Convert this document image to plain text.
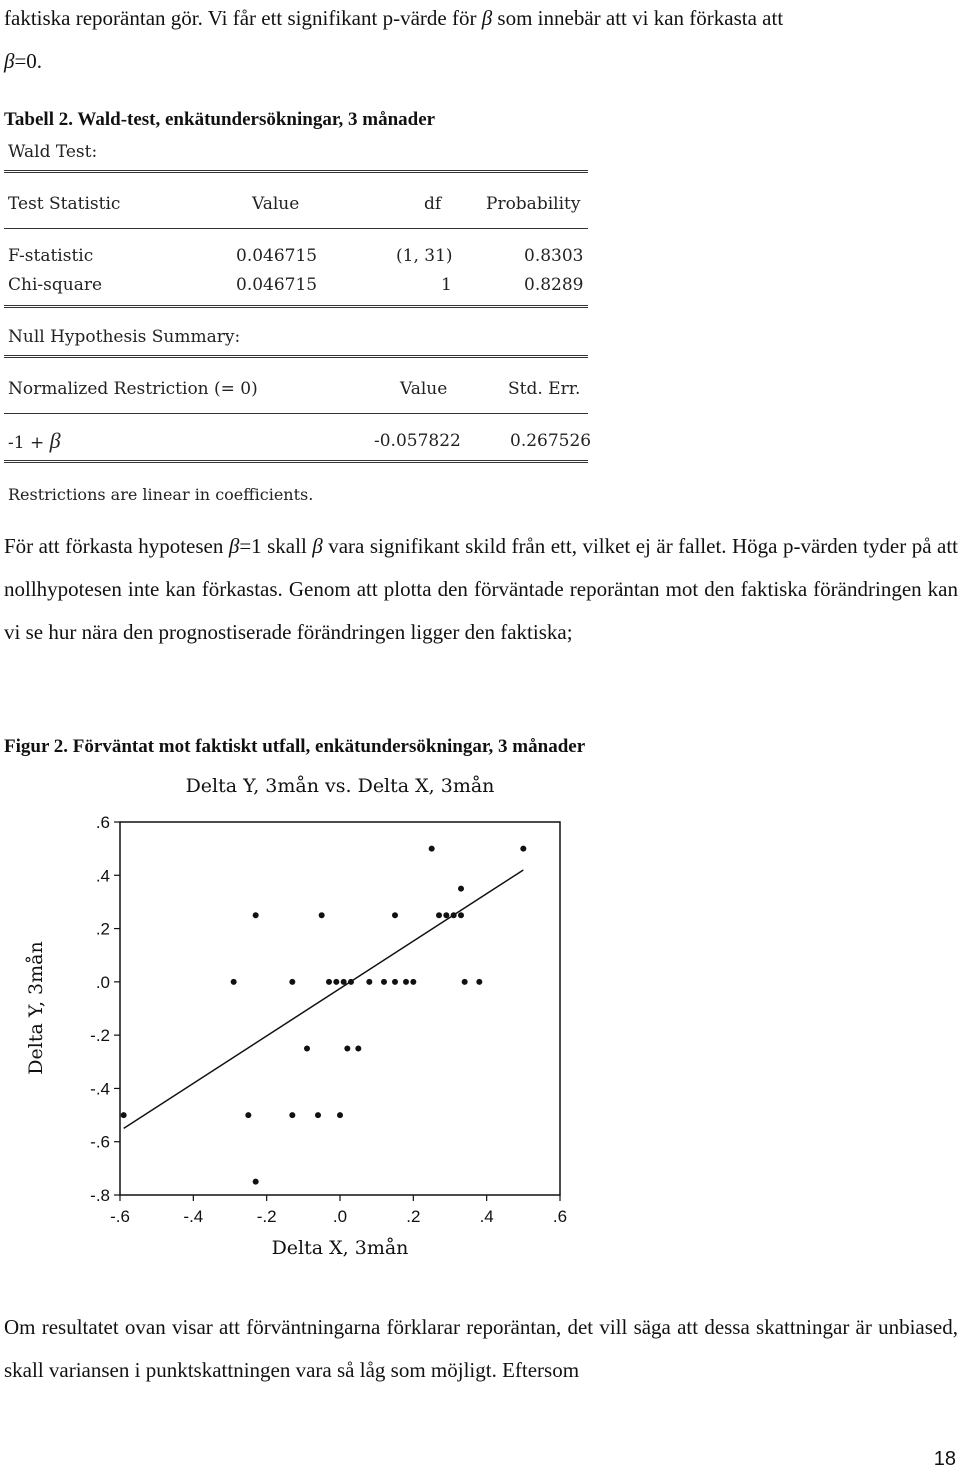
faktiska reporäntan gör. Vi får ett signifikant p-värde för β som innebär att vi kan förkasta att
β=0.

Tabell 2. Wald-test, enkätundersökningar, 3 månader
Wald Test:
Test Statistic	Value	df	Probability
F-statistic	0.046715	(1, 31)	0.8303
Chi-square	0.046715	1	0.8289
Null Hypothesis Summary:
Normalized Restriction (= 0)	Value	Std. Err.
-1 + β	-0.057822	0.267526
Restrictions are linear in coefficients.

För att förkasta hypotesen β=1 skall β vara signifikant skild från ett, vilket ej är fallet. Höga p-värden tyder på att nollhypotesen inte kan förkastas. Genom att plotta den förväntade reporäntan mot den faktiska förändringen kan vi se hur nära den prognostiserade förändringen ligger den faktiska;

Figur 2. Förväntat mot faktiskt utfall, enkätundersökningar, 3 månader
Delta Y, 3mån vs. Delta X, 3mån
.6
.4
.2
.0
-.2
-.4
-.6
-.8
-.6	-.4	-.2	.0	.2	.4	.6
Delta X, 3mån
Delta Y, 3mån

Om resultatet ovan visar att förväntningarna förklarar reporäntan, det vill säga att dessa skattningar är unbiased, skall variansen i punktskattningen vara så låg som möjligt. Eftersom

18
